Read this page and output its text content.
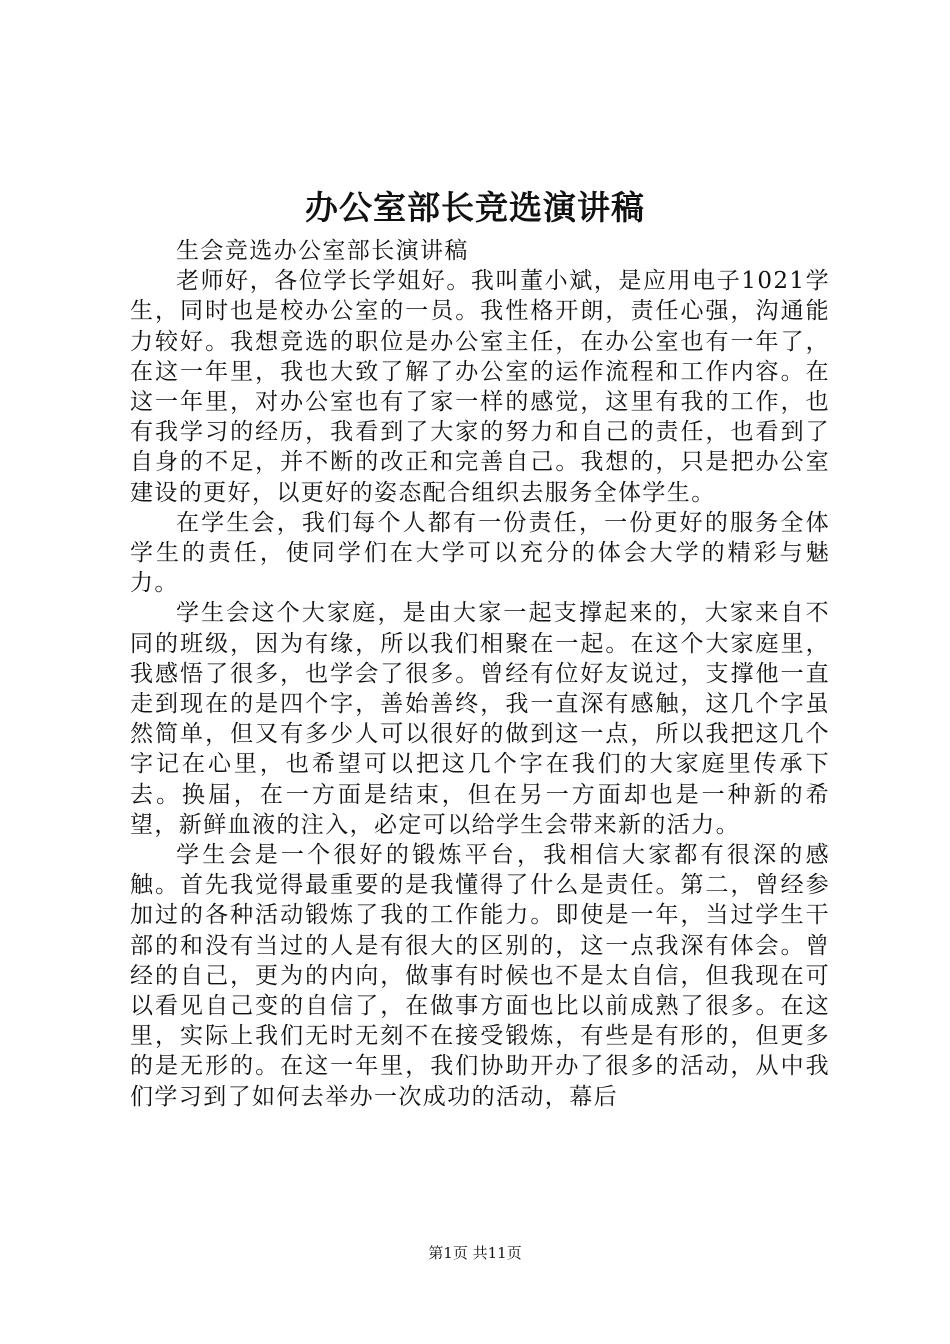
办公室部长竞选演讲稿

生会竞选办公室部长演讲稿

老师好，各位学长学姐好。我叫董小斌，是应用电子1021学生，同时也是校办公室的一员。我性格开朗，责任心强，沟通能力较好。我想竞选的职位是办公室主任，在办公室也有一年了，在这一年里，我也大致了解了办公室的运作流程和工作内容。在这一年里，对办公室也有了家一样的感觉，这里有我的工作，也有我学习的经历，我看到了大家的努力和自己的责任，也看到了自身的不足，并不断的改正和完善自己。我想的，只是把办公室建设的更好，以更好的姿态配合组织去服务全体学生。

在学生会，我们每个人都有一份责任，一份更好的服务全体学生的责任，使同学们在大学可以充分的体会大学的精彩与魅力。

学生会这个大家庭，是由大家一起支撑起来的，大家来自不同的班级，因为有缘，所以我们相聚在一起。在这个大家庭里，我感悟了很多，也学会了很多。曾经有位好友说过，支撑他一直走到现在的是四个字，善始善终，我一直深有感触，这几个字虽然简单，但又有多少人可以很好的做到这一点，所以我把这几个字记在心里，也希望可以把这几个字在我们的大家庭里传承下去。换届，在一方面是结束，但在另一方面却也是一种新的希望，新鲜血液的注入，必定可以给学生会带来新的活力。

学生会是一个很好的锻炼平台，我相信大家都有很深的感触。首先我觉得最重要的是我懂得了什么是责任。第二，曾经参加过的各种活动锻炼了我的工作能力。即使是一年，当过学生干部的和没有当过的人是有很大的区别的，这一点我深有体会。曾经的自己，更为的内向，做事有时候也不是太自信，但我现在可以看见自己变的自信了，在做事方面也比以前成熟了很多。在这里，实际上我们无时无刻不在接受锻炼，有些是有形的，但更多的是无形的。在这一年里，我们协助开办了很多的活动，从中我们学习到了如何去举办一次成功的活动，幕后

第1页 共11页
